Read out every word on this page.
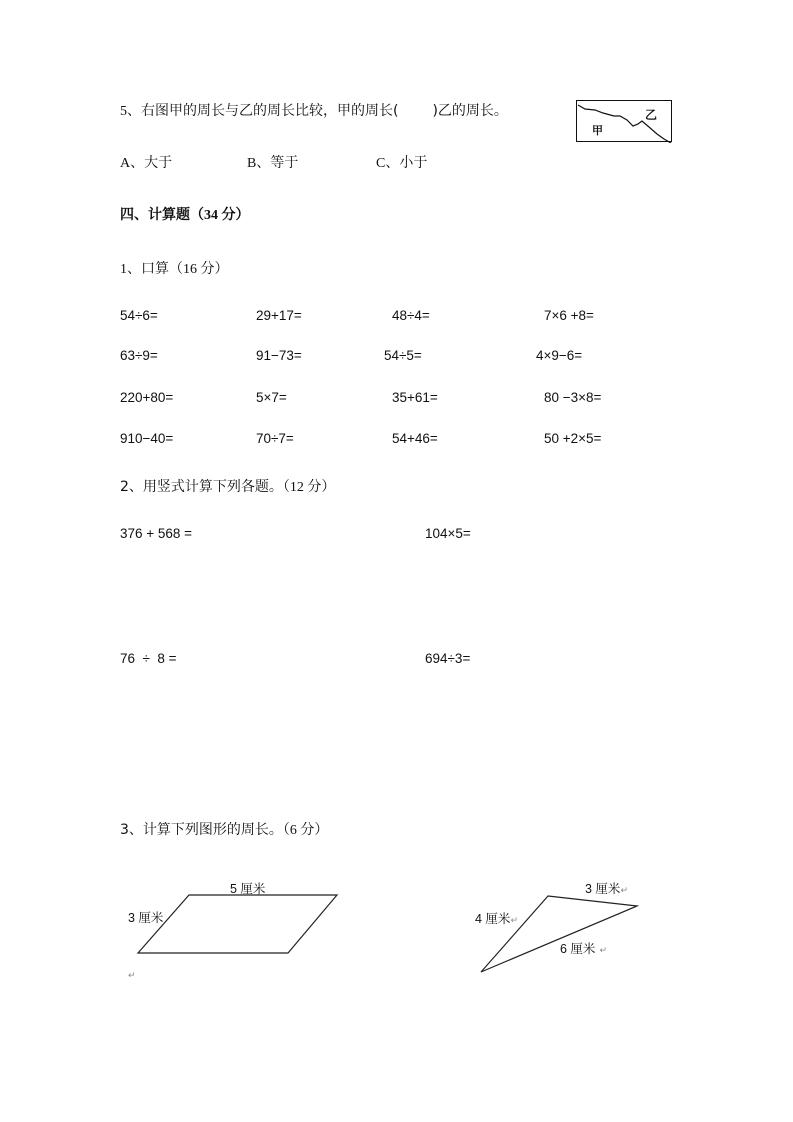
5、右图甲的周长与乙的周长比较，甲的周长(　　 )乙的周长。
甲
乙
A、大于	B、等于	C、小于
四、计算题（34 分）
1、口算（16 分）
54÷6=	29+17=	48÷4=	7×6 +8=
63÷9=	91−73=	54÷5=	4×9−6=
220+80=	5×7=	35+61=	80 −3×8=
910−40=	70÷7=	54+46=	50 +2×5=
2、用竖式计算下列各题。（12 分）
376 + 568 =	104×5=
76  ÷  8 =	694÷3=
3、计算下列图形的周长。（6 分）
5 厘米
3 厘米
↵
3 厘米↵
4 厘米↵
6 厘米 ↵
